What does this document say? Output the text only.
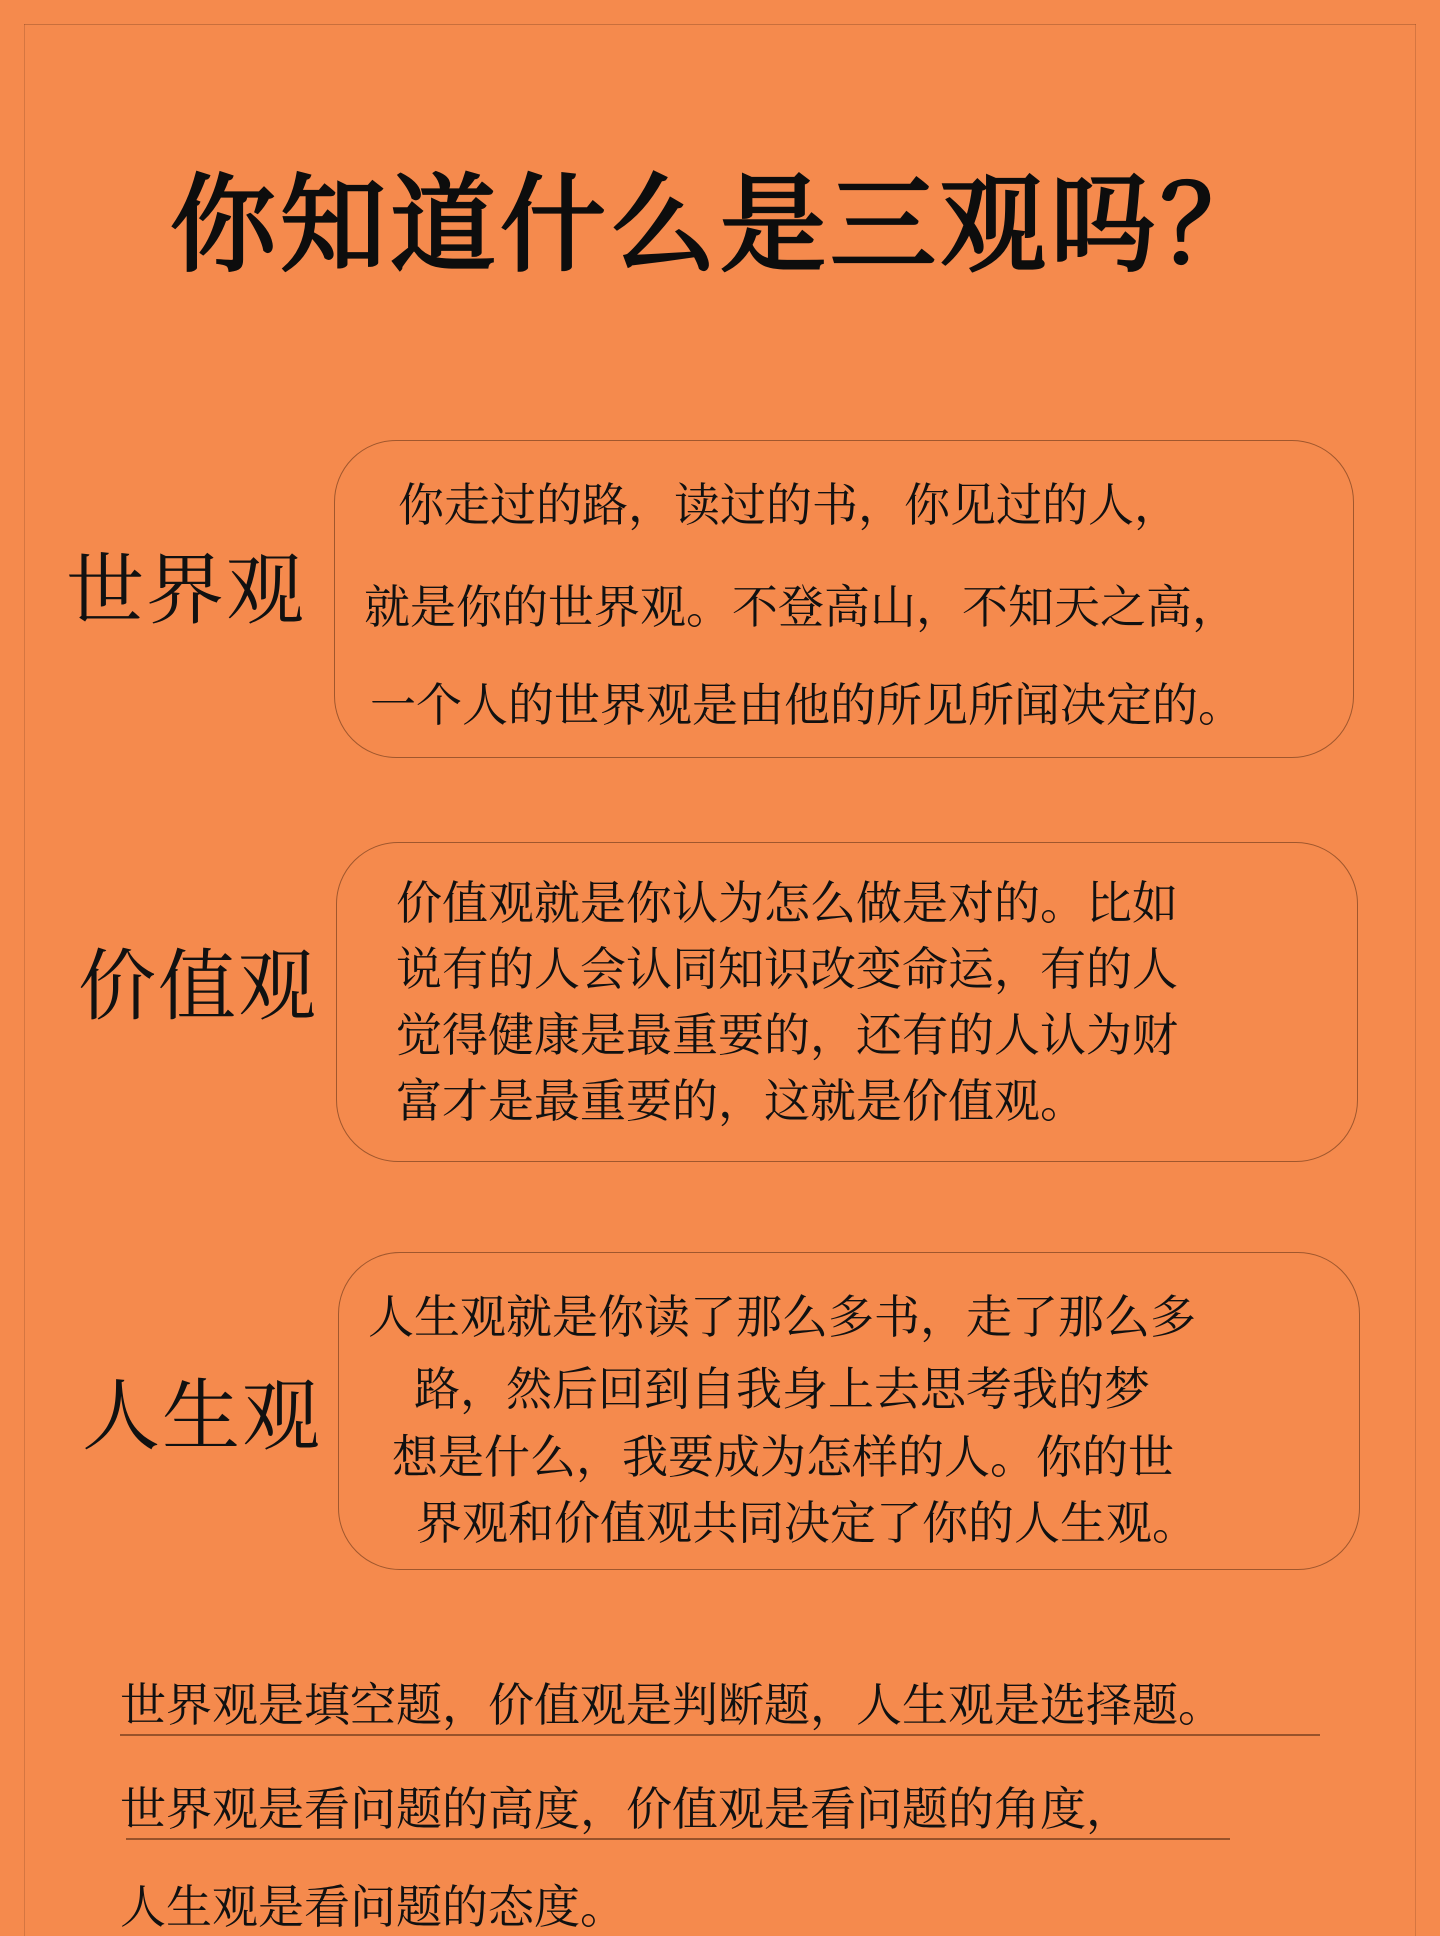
你知道什么是三观吗？
世界观
你走过的路，读过的书，你见过的人，
就是你的世界观。不登高山，不知天之高，
一个人的世界观是由他的所见所闻决定的。
价值观
价值观就是你认为怎么做是对的。比如
说有的人会认同知识改变命运，有的人
觉得健康是最重要的，还有的人认为财
富才是最重要的，这就是价值观。
人生观
人生观就是你读了那么多书，走了那么多
路，然后回到自我身上去思考我的梦
想是什么，我要成为怎样的人。你的世
界观和价值观共同决定了你的人生观。
世界观是填空题，价值观是判断题，人生观是选择题。
世界观是看问题的高度，价值观是看问题的角度，
人生观是看问题的态度。
